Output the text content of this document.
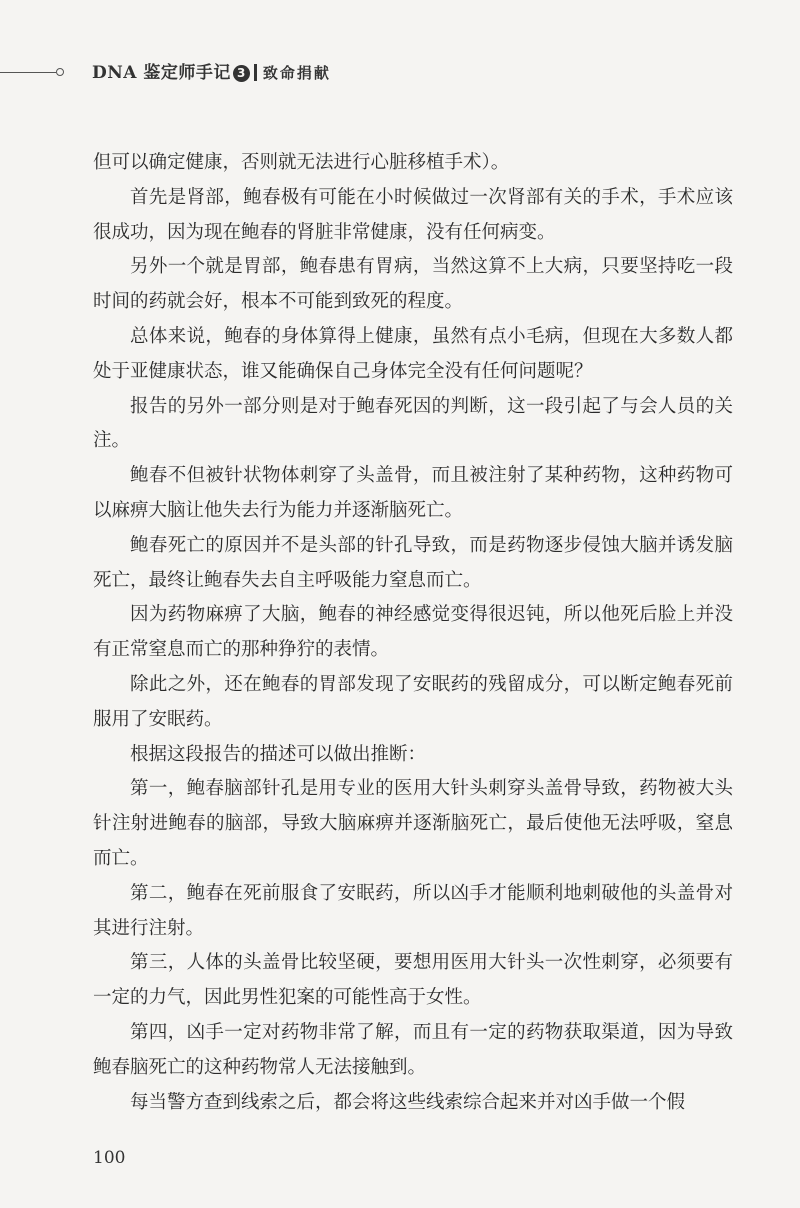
DNA 鉴定师手记 3 致命捐献

但可以确定健康，否则就无法进行心脏移植手术）。

首先是肾部，鲍春极有可能在小时候做过一次肾部有关的手术，手术应该很成功，因为现在鲍春的肾脏非常健康，没有任何病变。

另外一个就是胃部，鲍春患有胃病，当然这算不上大病，只要坚持吃一段时间的药就会好，根本不可能到致死的程度。

总体来说，鲍春的身体算得上健康，虽然有点小毛病，但现在大多数人都处于亚健康状态，谁又能确保自己身体完全没有任何问题呢？

报告的另外一部分则是对于鲍春死因的判断，这一段引起了与会人员的关注。

鲍春不但被针状物体刺穿了头盖骨，而且被注射了某种药物，这种药物可以麻痹大脑让他失去行为能力并逐渐脑死亡。

鲍春死亡的原因并不是头部的针孔导致，而是药物逐步侵蚀大脑并诱发脑死亡，最终让鲍春失去自主呼吸能力窒息而亡。

因为药物麻痹了大脑，鲍春的神经感觉变得很迟钝，所以他死后脸上并没有正常窒息而亡的那种狰狞的表情。

除此之外，还在鲍春的胃部发现了安眠药的残留成分，可以断定鲍春死前服用了安眠药。

根据这段报告的描述可以做出推断：

第一，鲍春脑部针孔是用专业的医用大针头刺穿头盖骨导致，药物被大头针注射进鲍春的脑部，导致大脑麻痹并逐渐脑死亡，最后使他无法呼吸，窒息而亡。

第二，鲍春在死前服食了安眠药，所以凶手才能顺利地刺破他的头盖骨对其进行注射。

第三，人体的头盖骨比较坚硬，要想用医用大针头一次性刺穿，必须要有一定的力气，因此男性犯案的可能性高于女性。

第四，凶手一定对药物非常了解，而且有一定的药物获取渠道，因为导致鲍春脑死亡的这种药物常人无法接触到。

每当警方查到线索之后，都会将这些线索综合起来并对凶手做一个假

100
